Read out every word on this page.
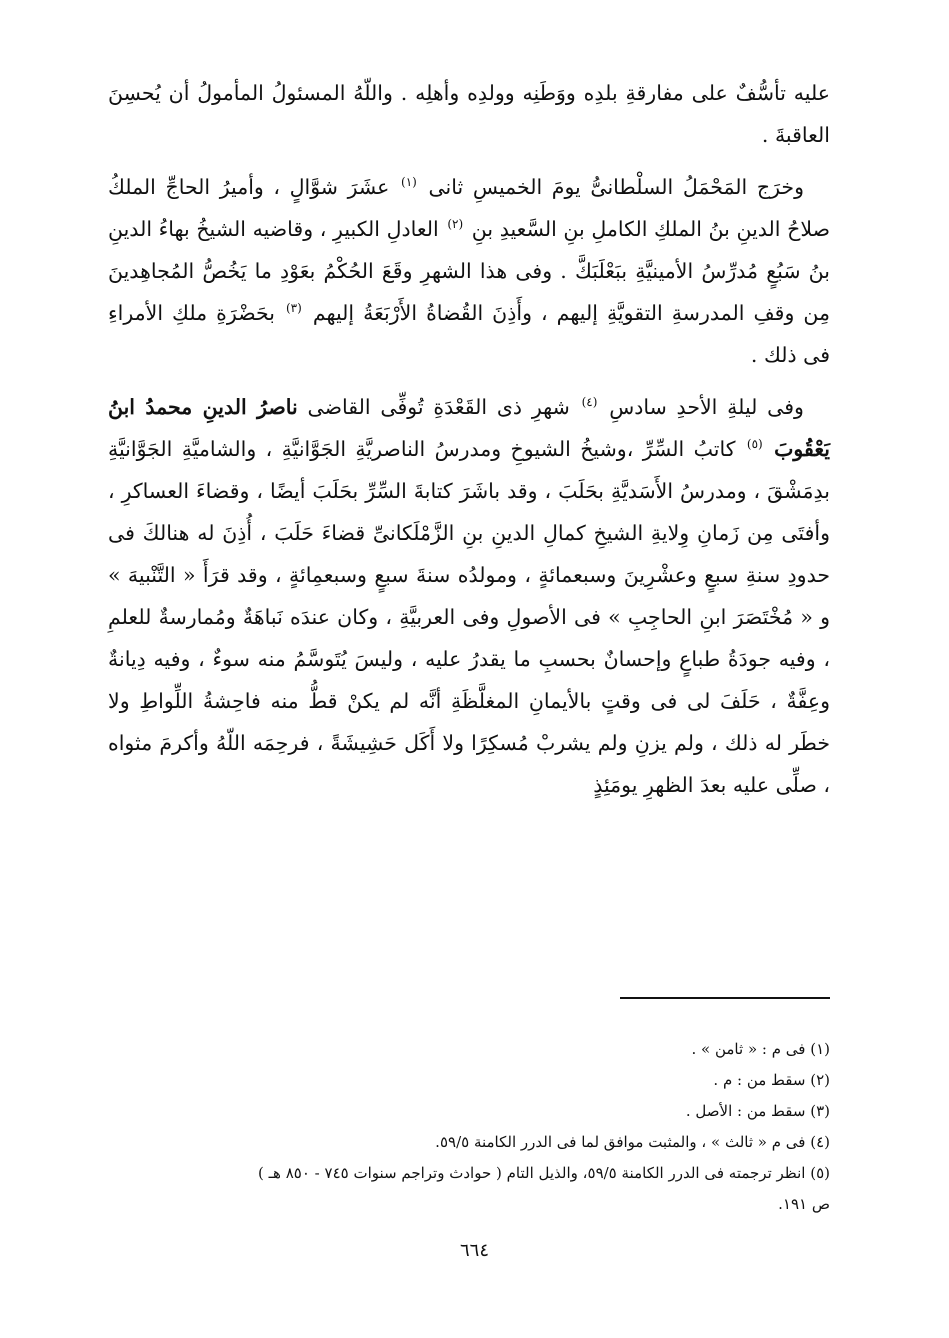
عليه تأسُّفٌ على مفارقةِ بلدِه ووَطَنِه وولدِه وأهلِه . واللّهُ المسئولُ المأمولُ أن يُحسِنَ العاقبةَ .

وخرَج المَحْمَلُ السلْطانىُّ يومَ الخميسِ ثانى $^{(١)}$ عشَرَ شوَّالٍ ، وأميرُ الحاجِّ الملكُ صلاحُ الدينِ بنُ الملكِ الكاملِ بنِ السَّعيدِ بنِ $^{(٢)}$ العادلِ الكبيرِ ، وقاضيه الشيخُ بهاءُ الدينِ بنُ سَبُعٍ مُدرِّسُ الأمينيَّةِ ببَعْلَبَكَّ . وفى هذا الشهرِ وقَعَ الحُكْمُ بعَوْدِ ما يَخُصُّ المُجاهِدينَ مِن وقفِ المدرسةِ التقويَّةِ إليهم ، وأَذِنَ القُضاةُ الأَرْبَعَةُ إليهم $^{(٣)}$ بحَضْرَةِ ملكِ الأمراءِ فى ذلك .

وفى ليلةِ الأحدِ سادسِ $^{(٤)}$ شهرِ ذى القَعْدَةِ تُوفِّى القاضى ناصرُ الدينِ محمدُ ابنُ يَعْقُوبَ $^{(٥)}$ كاتبُ السِّرِّ ،وشيخُ الشيوخِ ومدرسُ الناصريَّةِ الجَوَّانيَّةِ ، والشاميَّةِ الجَوَّانيَّةِ بدِمَشْقَ ، ومدرسُ الأَسَديَّةِ بحَلَبَ ، وقد باشَرَ كتابةَ السِّرِّ بحَلَبَ أيضًا ، وقضاءَ العساكرِ ، وأفتَى مِن زَمانِ وِلايةِ الشيخِ كمالِ الدينِ بنِ الزَّمْلَكانىِّ قضاءَ حَلَبَ ، أُذِنَ له هنالكَ فى حدودِ سنةِ سبعٍ وعشْرِينَ وسبعمائةٍ ، ومولدُه سنةَ سبعٍ وسبعمِائةٍ ، وقد قرَأَ « التَّنْبيهَ » و « مُخْتَصَرَ ابنِ الحاجِبِ » فى الأصولِ وفى العربيَّةِ ، وكان عندَه نَباهَةٌ ومُمارسةٌ للعلمِ ، وفيه جودَةُ طباعٍ وإحسانٌ بحسبِ ما يقدرُ عليه ، وليسَ يُتَوسَّمُ منه سوءٌ ، وفيه دِيانةٌ وعِفَّةٌ ، حَلَفَ لى فى وقتٍ بالأيمانِ المغلَّظَةِ أنَّه لم يكنْ قطُّ منه فاحِشةُ اللِّواطِ ولا خطَر له ذلك ، ولم يزنِ ولم يشربْ مُسكِرًا ولا أَكَل حَشِيشَةً ، فرحِمَه اللّهُ وأكرمَ مثواه ، صلِّى عليه بعدَ الظهرِ يومَئِذٍ

(١) فى م : « ثامن » .

(٢) سقط من : م .

(٣) سقط من : الأصل .

(٤) فى م « ثالث » ، والمثبت موافق لما فى الدرر الكامنة ٥٩/٥.

(٥) انظر ترجمته فى الدرر الكامنة ٥٩/٥، والذيل التام ( حوادث وتراجم سنوات ٧٤٥ - ٨٥٠ هـ )

ص ١٩١.

٦٦٤
